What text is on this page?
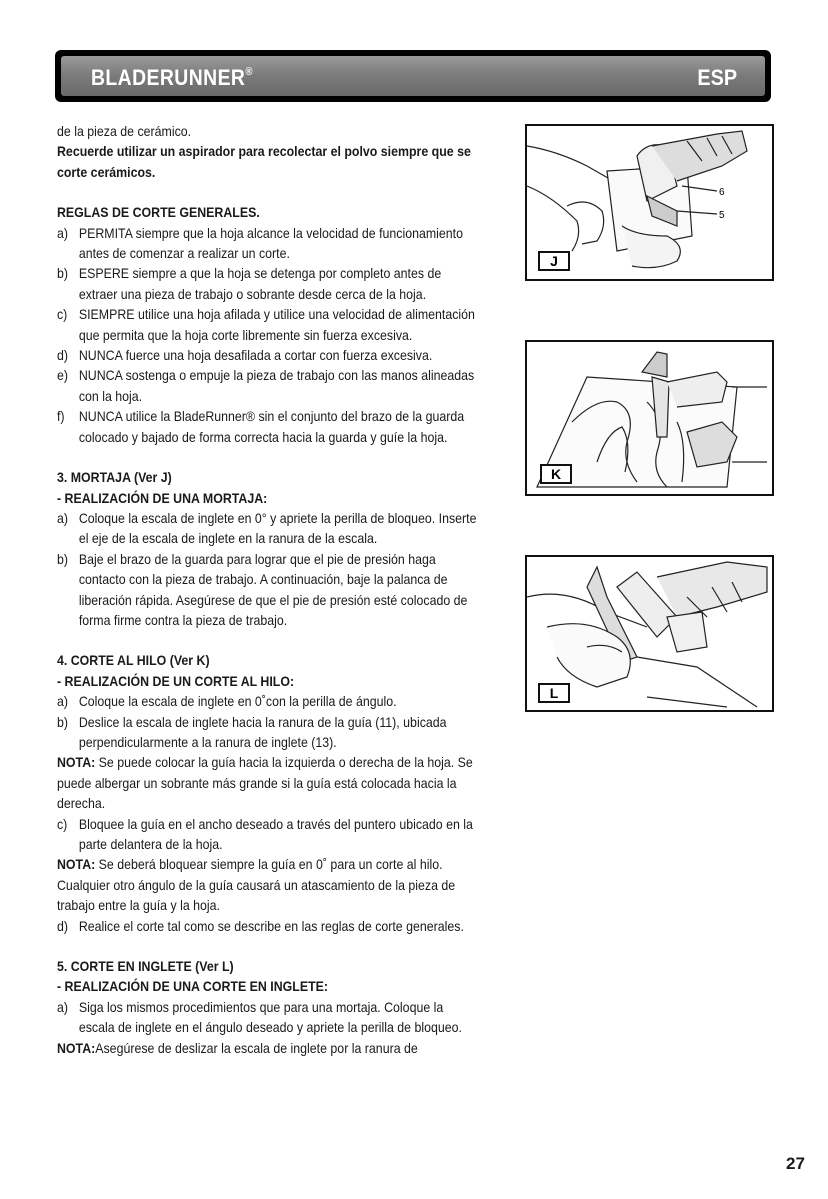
BLADERUNNER®	ESP

de la pieza de cerámico.

Recuerde utilizar un aspirador para recolectar el polvo siempre que se corte cerámicos.

REGLAS DE CORTE GENERALES.

a) PERMITA siempre que la hoja alcance la velocidad de funcionamiento antes de comenzar a realizar un corte.
b) ESPERE siempre a que la hoja se detenga por completo antes de extraer una pieza de trabajo o sobrante desde cerca de la hoja.
c) SIEMPRE utilice una hoja afilada y utilice una velocidad de alimentación que permita que la hoja corte libremente sin fuerza excesiva.
d) NUNCA fuerce una hoja desafilada a cortar con fuerza excesiva.
e) NUNCA sostenga o empuje la pieza de trabajo con las manos alineadas con la hoja.
f)	NUNCA utilice la BladeRunner® sin el conjunto del brazo de la guarda colocado y bajado de forma correcta hacia la guarda y guíe la hoja.

3. MORTAJA (Ver J)

- REALIZACIÓN DE UNA MORTAJA:

a) Coloque la escala de inglete en 0° y apriete la perilla de bloqueo. Inserte el eje de la escala de inglete en la ranura de la escala.
b) Baje el brazo de la guarda para lograr que el pie de presión haga contacto con la pieza de trabajo. A continuación, baje la palanca de liberación rápida. Asegúrese de que el pie de presión esté colocado de forma firme contra la pieza de trabajo.

4. CORTE AL HILO (Ver K)

- REALIZACIÓN DE UN CORTE AL HILO:

a) Coloque la escala de inglete en 0˚con la perilla de ángulo.
b) Deslice la escala de inglete hacia la ranura de la guía (11), ubicada perpendicularmente a la ranura de inglete (13).

NOTA: Se puede colocar la guía hacia la izquierda o derecha de la hoja. Se puede albergar un sobrante más grande si la guía está colocada hacia la derecha.

c) Bloquee la guía en el ancho deseado a través del puntero ubicado en la parte delantera de la hoja.

NOTA: Se deberá bloquear siempre la guía en 0˚ para un corte al hilo. Cualquier otro ángulo de la guía causará un atascamiento de la pieza de trabajo entre la guía y la hoja.

d) Realice el corte tal como se describe en las reglas de corte generales.

5. CORTE EN INGLETE (Ver L)

- REALIZACIÓN DE UNA CORTE EN INGLETE:

a) Siga los mismos procedimientos que para una mortaja. Coloque la escala de inglete en el ángulo deseado y apriete la perilla de bloqueo.

NOTA:Asegúrese de deslizar la escala de inglete por la ranura de

6
5
J
K
L
27
